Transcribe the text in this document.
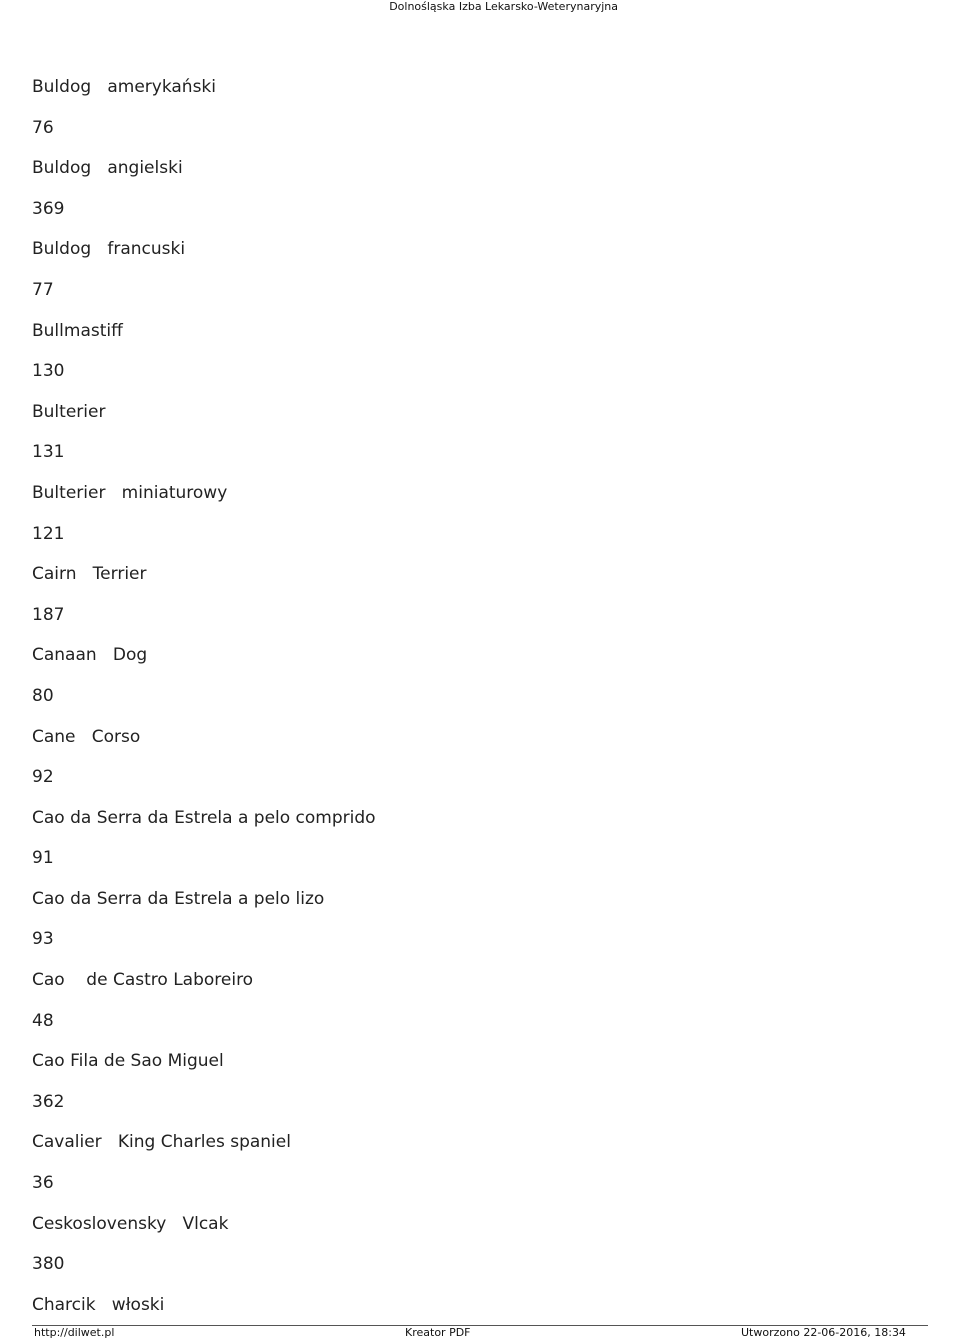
Dolnośląska Izba Lekarsko-Weterynaryjna
Buldog   amerykański
76
Buldog   angielski
369
Buldog   francuski
77
Bullmastiff
130
Bulterier
131
Bulterier   miniaturowy
121
Cairn   Terrier
187
Canaan   Dog
80
Cane   Corso
92
Cao da Serra da Estrela a pelo comprido
91
Cao da Serra da Estrela a pelo lizo
93
Cao    de Castro Laboreiro
48
Cao Fila de Sao Miguel
362
Cavalier   King Charles spaniel
36
Ceskoslovensky   Vlcak
380
Charcik   włoski
http://dilwet.pl	Kreator PDF	Utworzono 22-06-2016, 18:34
